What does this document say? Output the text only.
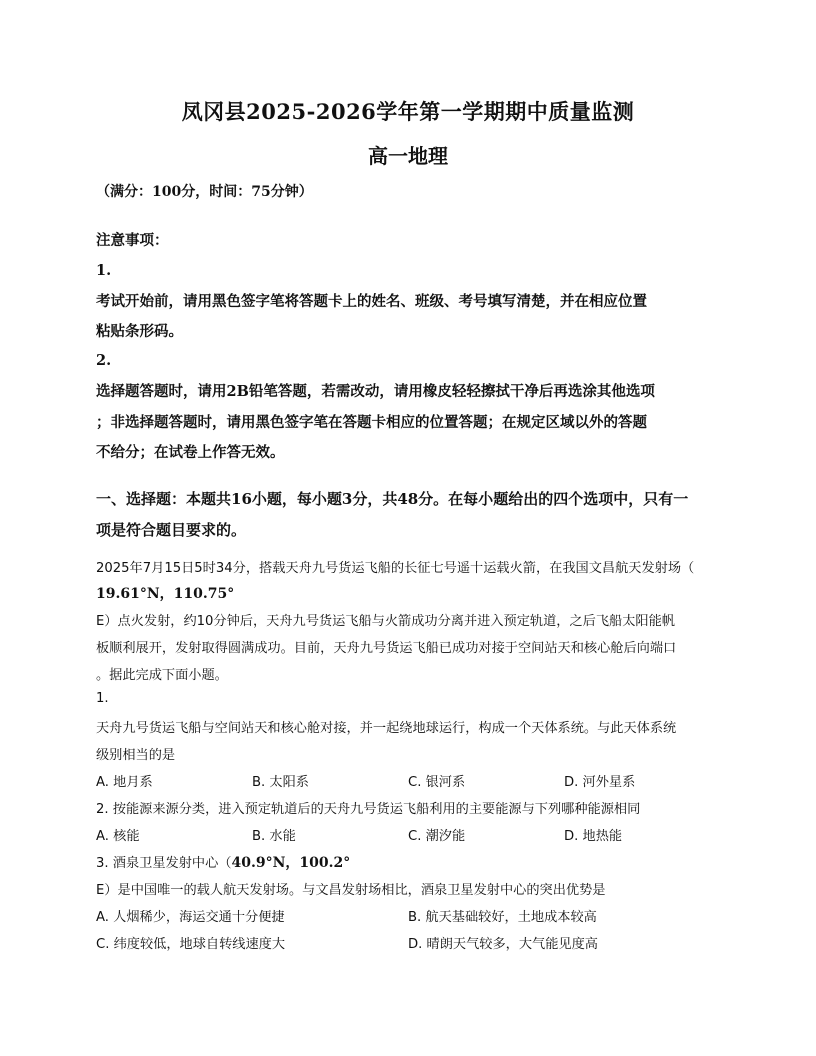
凤冈县2025-2026学年第一学期期中质量监测
高一地理
（满分：100分，时间：75分钟）
注意事项：
1.
考试开始前，请用黑色签字笔将答题卡上的姓名、班级、考号填写清楚，并在相应位置
粘贴条形码。
2.
选择题答题时，请用2B铅笔答题，若需改动，请用橡皮轻轻擦拭干净后再选涂其他选项
；非选择题答题时，请用黑色签字笔在答题卡相应的位置答题；在规定区域以外的答题
不给分；在试卷上作答无效。
一、选择题：本题共16小题，每小题3分，共48分。在每小题给出的四个选项中，只有一
项是符合题目要求的。
2025年7月15日5时34分，搭载天舟九号货运飞船的长征七号遥十运载火箭，在我国文昌航天发射场（
19.61°N，110.75°
E）点火发射，约10分钟后，天舟九号货运飞船与火箭成功分离并进入预定轨道，之后飞船太阳能帆
板顺利展开，发射取得圆满成功。目前，天舟九号货运飞船已成功对接于空间站天和核心舱后向端口
。据此完成下面小题。
1.
天舟九号货运飞船与空间站天和核心舱对接，并一起绕地球运行，构成一个天体系统。与此天体系统
级别相当的是
A. 地月系	B. 太阳系	C. 银河系	D. 河外星系
2. 按能源来源分类，进入预定轨道后的天舟九号货运飞船利用的主要能源与下列哪种能源相同
A. 核能	B. 水能	C. 潮汐能	D. 地热能
3. 酒泉卫星发射中心（40.9°N，100.2°
E）是中国唯一的载人航天发射场。与文昌发射场相比，酒泉卫星发射中心的突出优势是
A. 人烟稀少，海运交通十分便捷	B. 航天基础较好，土地成本较高
C. 纬度较低，地球自转线速度大	D. 晴朗天气较多，大气能见度高
